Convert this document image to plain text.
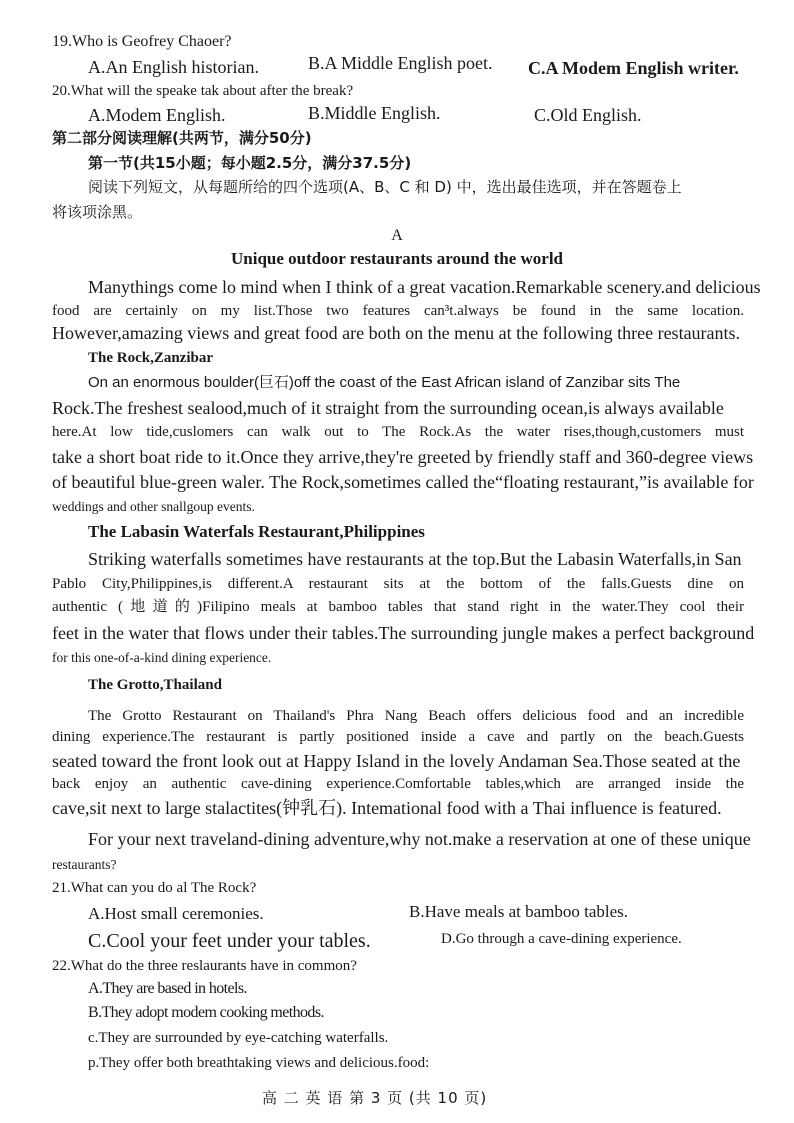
19.Who is Geofrey Chaoer?
A.An English historian.	B.A Middle English poet. C.A Modem English writer.
20.What will the speake tak about after the break?
A.Modem English.	B.Middle English.	C.Old English.
第二部分阅读理解(共两节，满分50分)
第一节(共15小题；每小题2.5分，满分37.5分)
阅读下列短文，从每题所给的四个选项(A、B、C 和 D) 中，选出最佳选项，并在答题卷上
将该项涂黑。
A
Unique outdoor restaurants around the world
Manythings come lo mind when I think of a great vacation.Remarkable scenery.and delicious
food are certainly on my list.Those two features can³t.always be found in the same location.
However,amazing views and great food are both on the menu at the following three restaurants.
The Rock,Zanzibar
On an enormous boulder(巨石)off the coast of the East African island of Zanzibar sits The
Rock.The freshest sealood,much of it straight from the surrounding ocean,is always available
here.At low tide,cuslomers can walk out to The Rock.As the water rises,though,customers must
take a short boat ride to it.Once they arrive,they're greeted by friendly staff and 360-degree views
of beautiful blue-green waler. The Rock,sometimes called the“floating restaurant,”is available for
weddings and other snallgoup events.
The Labasin Waterfals Restaurant,Philippines
Striking waterfalls sometimes have restaurants at the top.But the Labasin Waterfalls,in San
Pablo City,Philippines,is different.A restaurant sits at the bottom of the falls.Guests dine on
authentic (地道的)Filipino meals at bamboo tables that stand right in the water.They cool their
feet in the water that flows under their tables.The surrounding jungle makes a perfect background
for this one-of-a-kind dining experience.
The Grotto,Thailand
The Grotto Restaurant on Thailand's Phra Nang Beach offers delicious food and an incredible
dining experience.The restaurant is partly positioned inside a cave and partly on the beach.Guests
seated toward the front look out at Happy Island in the lovely Andaman Sea.Those seated at the
back enjoy an authentic cave-dining experience.Comfortable tables,which are arranged inside the
cave,sit next to large stalactites(钟乳石). Intemational food with a Thai influence is featured.
For your next traveland-dining adventure,why not.make a reservation at one of these unique
restaurants?
21.What can you do al The Rock?
A.Host small ceremonies.	B.Have meals at bamboo tables.
C.Cool your feet under your tables.	D.Go through a cave-dining experience.
22.What do the three reslaurants have in common?
A.They are based in hotels.
B.They adopt modem cooking methods.
c.They are surrounded by eye-catching waterfalls.
p.They offer both breathtaking views and delicious.food:
高 二 英 语 第 3 页 (共 10 页)
